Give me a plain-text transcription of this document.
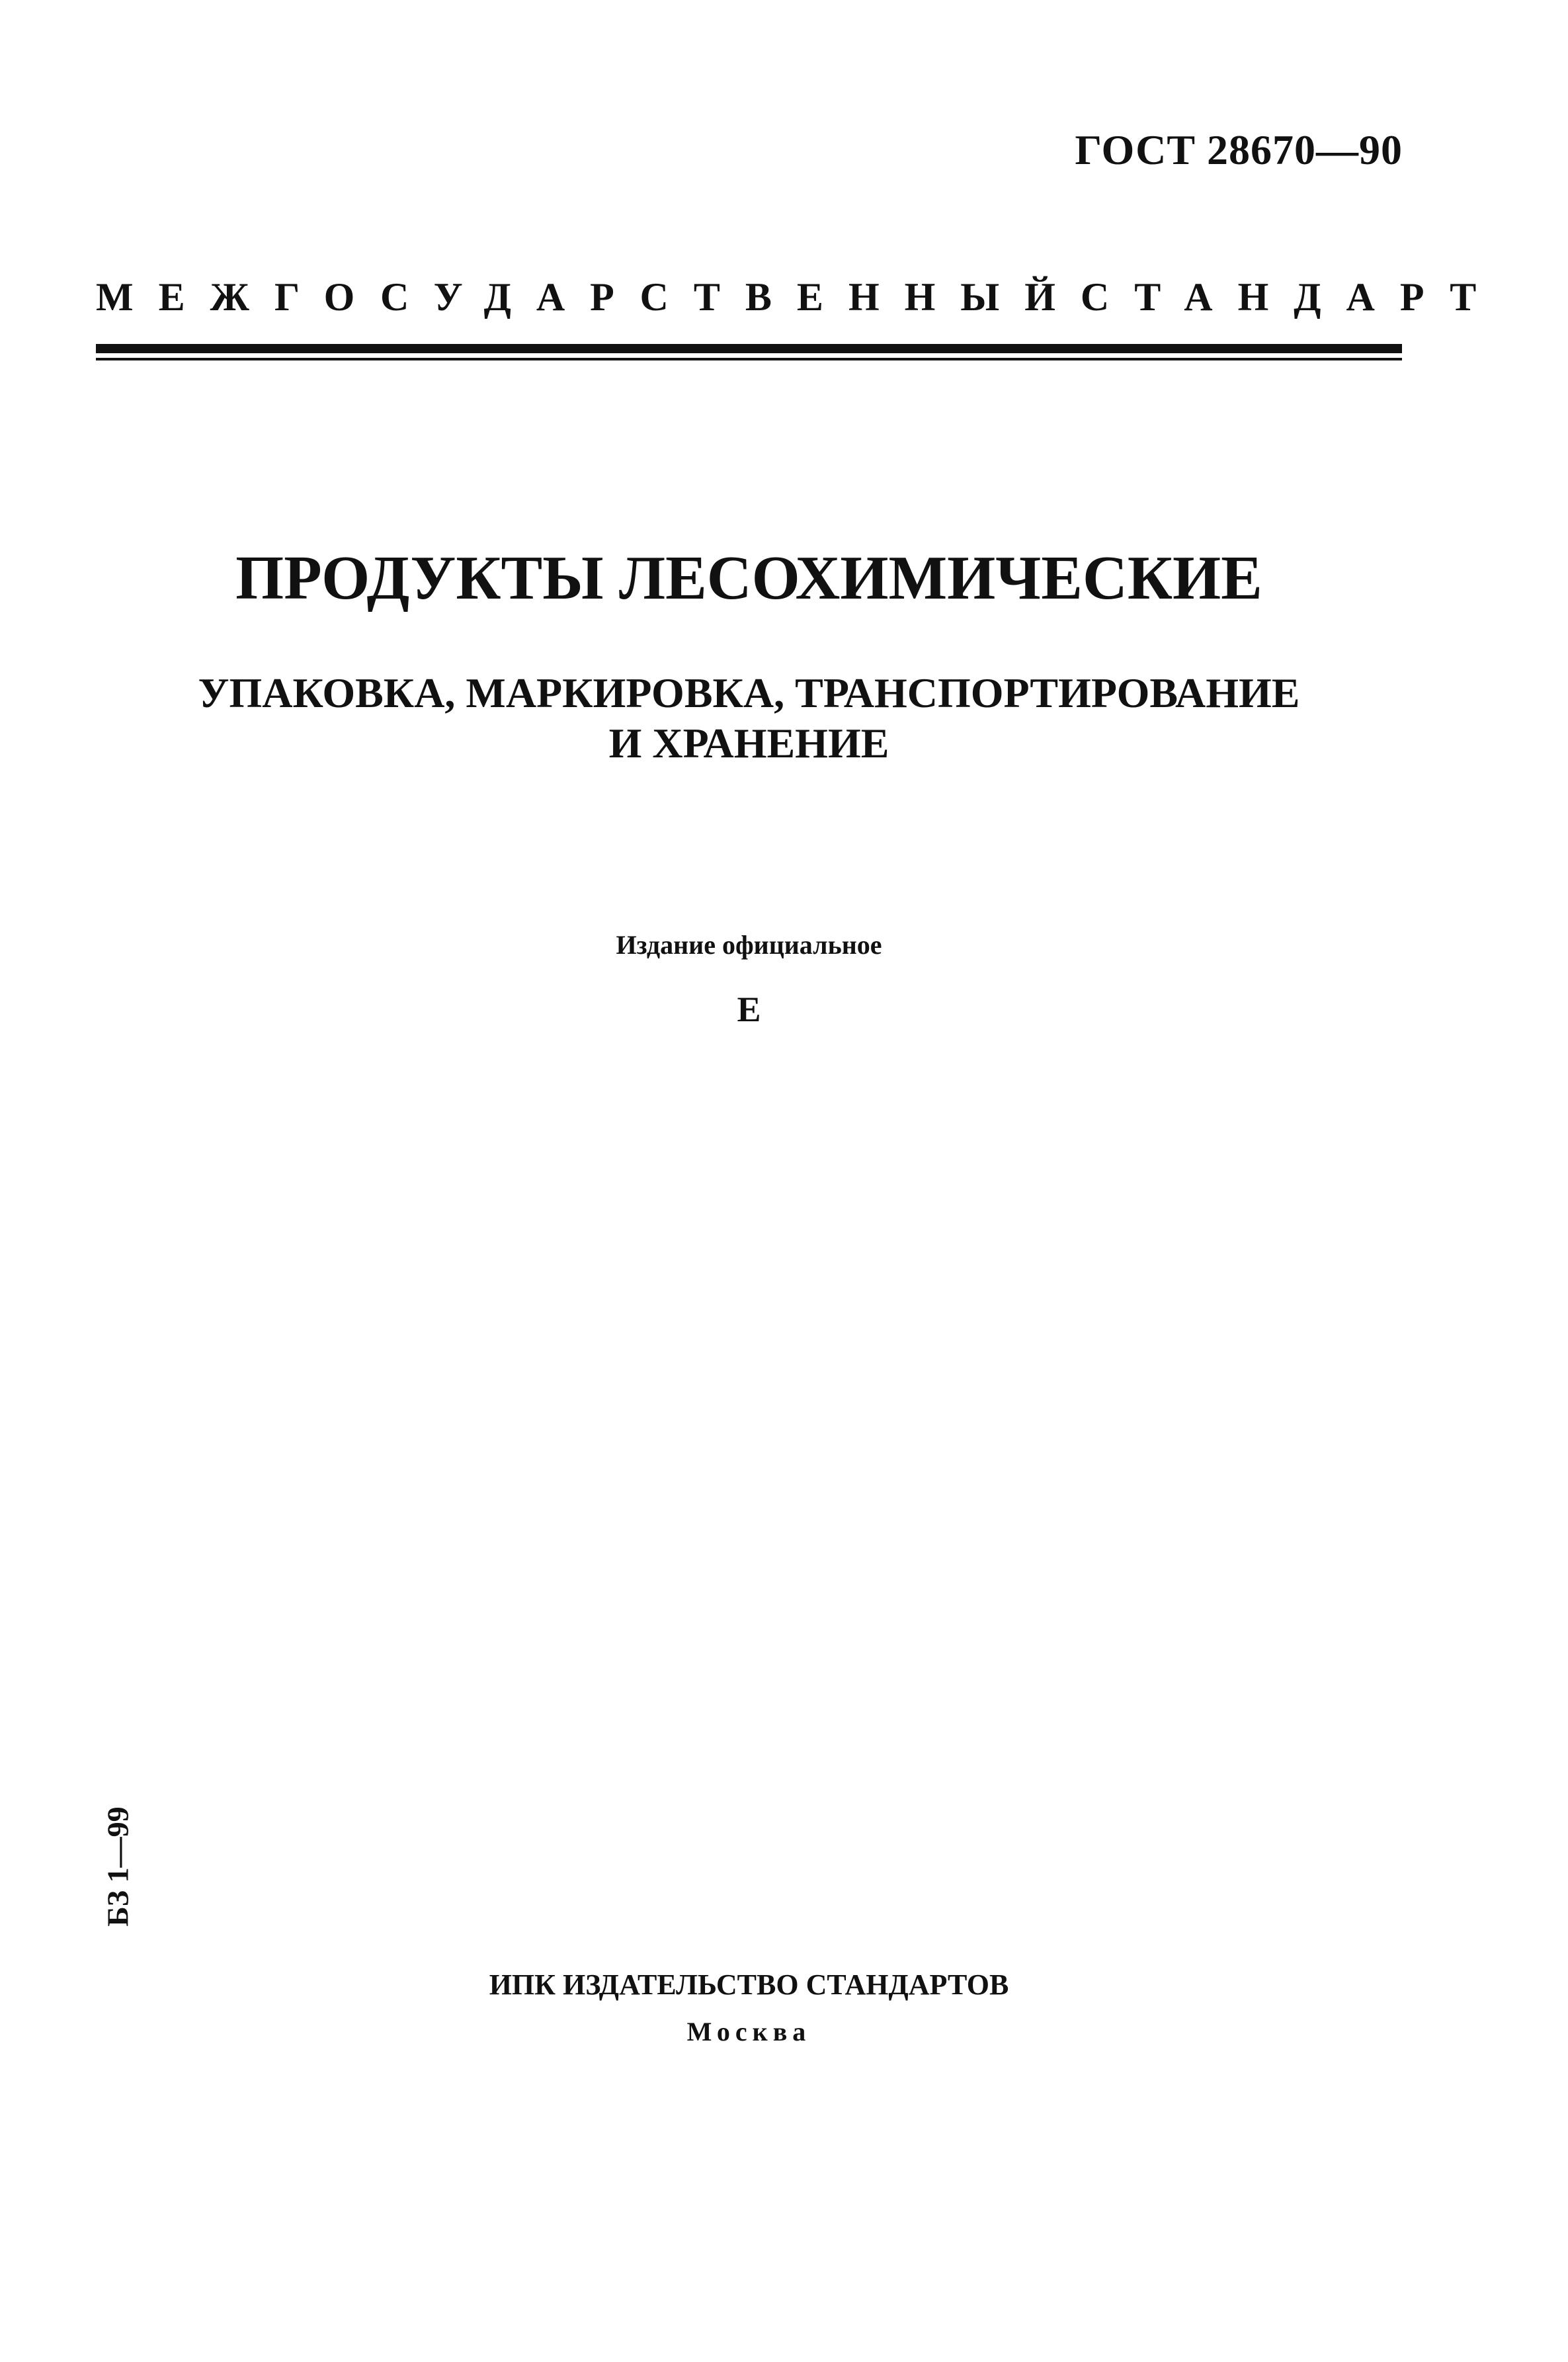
ГОСТ 28670—90
МЕЖГОСУДАРСТВЕННЫЙ СТАНДАРТ
ПРОДУКТЫ ЛЕСОХИМИЧЕСКИЕ
УПАКОВКА, МАРКИРОВКА, ТРАНСПОРТИРОВАНИЕ
И ХРАНЕНИЕ
Издание официальное
Е
БЗ 1—99
ИПК ИЗДАТЕЛЬСТВО СТАНДАРТОВ
Москва
